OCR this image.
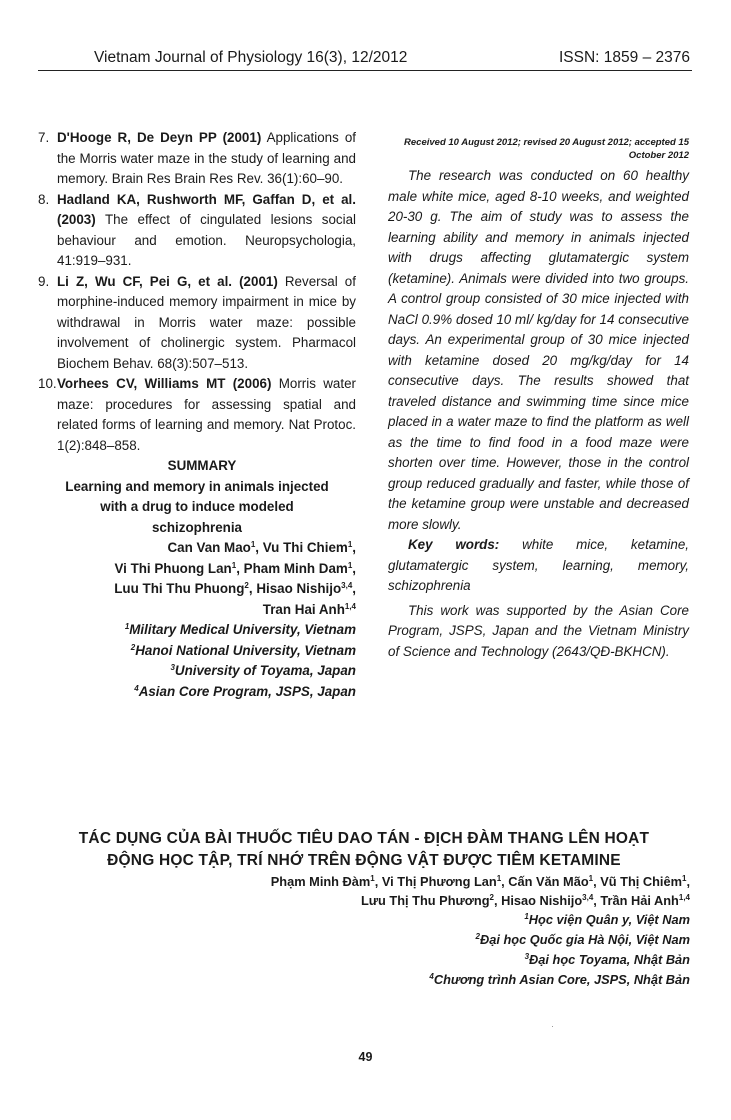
Vietnam Journal of Physiology 16(3), 12/2012	ISSN: 1859 – 2376

7. D'Hooge R, De Deyn PP (2001) Applications of the Morris water maze in the study of learning and memory. Brain Res Brain Res Rev. 36(1):60–90.

8. Hadland KA, Rushworth MF, Gaffan D, et al. (2003) The effect of cingulated lesions social behaviour and emotion. Neuropsychologia, 41:919–931.

9. Li Z, Wu CF, Pei G, et al. (2001) Reversal of morphine-induced memory impairment in mice by withdrawal in Morris water maze: possible involvement of cholinergic system. Pharmacol Biochem Behav. 68(3):507–513.

10. Vorhees CV, Williams MT (2006) Morris water maze: procedures for assessing spatial and related forms of learning and memory. Nat Protoc. 1(2):848–858.

SUMMARY
Learning and memory in animals injected
with a drug to induce modeled
schizophrenia
Can Van Mao$^1$, Vu Thi Chiem$^1$,
Vi Thi Phuong Lan$^1$, Pham Minh Dam$^1$,
Luu Thi Thu Phuong$^2$, Hisao Nishijo$^{3,4}$,
Tran Hai Anh$^{1,4}$
$^1$Military Medical University, Vietnam
$^2$Hanoi National University, Vietnam
$^3$University of Toyama, Japan
$^4$Asian Core Program, JSPS, Japan
Received 10 August 2012; revised 20 August 2012; accepted 15 October 2012

The research was conducted on 60 healthy male white mice, aged 8-10 weeks, and weighted 20-30 g. The aim of study was to assess the learning ability and memory in animals injected with drugs affecting glutamatergic system (ketamine). Animals were divided into two groups. A control group consisted of 30 mice injected with NaCl 0.9% dosed 10 ml/ kg/day for 14 consecutive days. An experimental group of 30 mice injected with ketamine dosed 20 mg/kg/day for 14 consecutive days. The results showed that traveled distance and swimming time since mice placed in a water maze to find the platform as well as the time to find food in a food maze were shorten over time. However, those in the control group reduced gradually and faster, while those of the ketamine group were unstable and decreased more slowly.

Key words: white mice, ketamine, glutamatergic system, learning, memory, schizophrenia

This work was supported by the Asian Core Program, JSPS, Japan and the Vietnam Ministry of Science and Technology (2643/QĐ-BKHCN).

TÁC DỤNG CỦA BÀI THUỐC TIÊU DAO TÁN - ĐỊCH ĐÀM THANG LÊN HOẠT
ĐỘNG HỌC TẬP, TRÍ NHỚ TRÊN ĐỘNG VẬT ĐƯỢC TIÊM KETAMINE
Phạm Minh Đàm$^1$, Vi Thị Phương Lan$^1$, Cấn Văn Mão$^1$, Vũ Thị Chiêm$^1$,
Lưu Thị Thu Phương$^2$, Hisao Nishijo$^{3,4}$, Trần Hải Anh$^{1,4}$
$^1$Học viện Quân y, Việt Nam
$^2$Đại học Quốc gia Hà Nội, Việt Nam
$^3$Đại học Toyama, Nhật Bản
$^4$Chương trình Asian Core, JSPS, Nhật Bản
49
